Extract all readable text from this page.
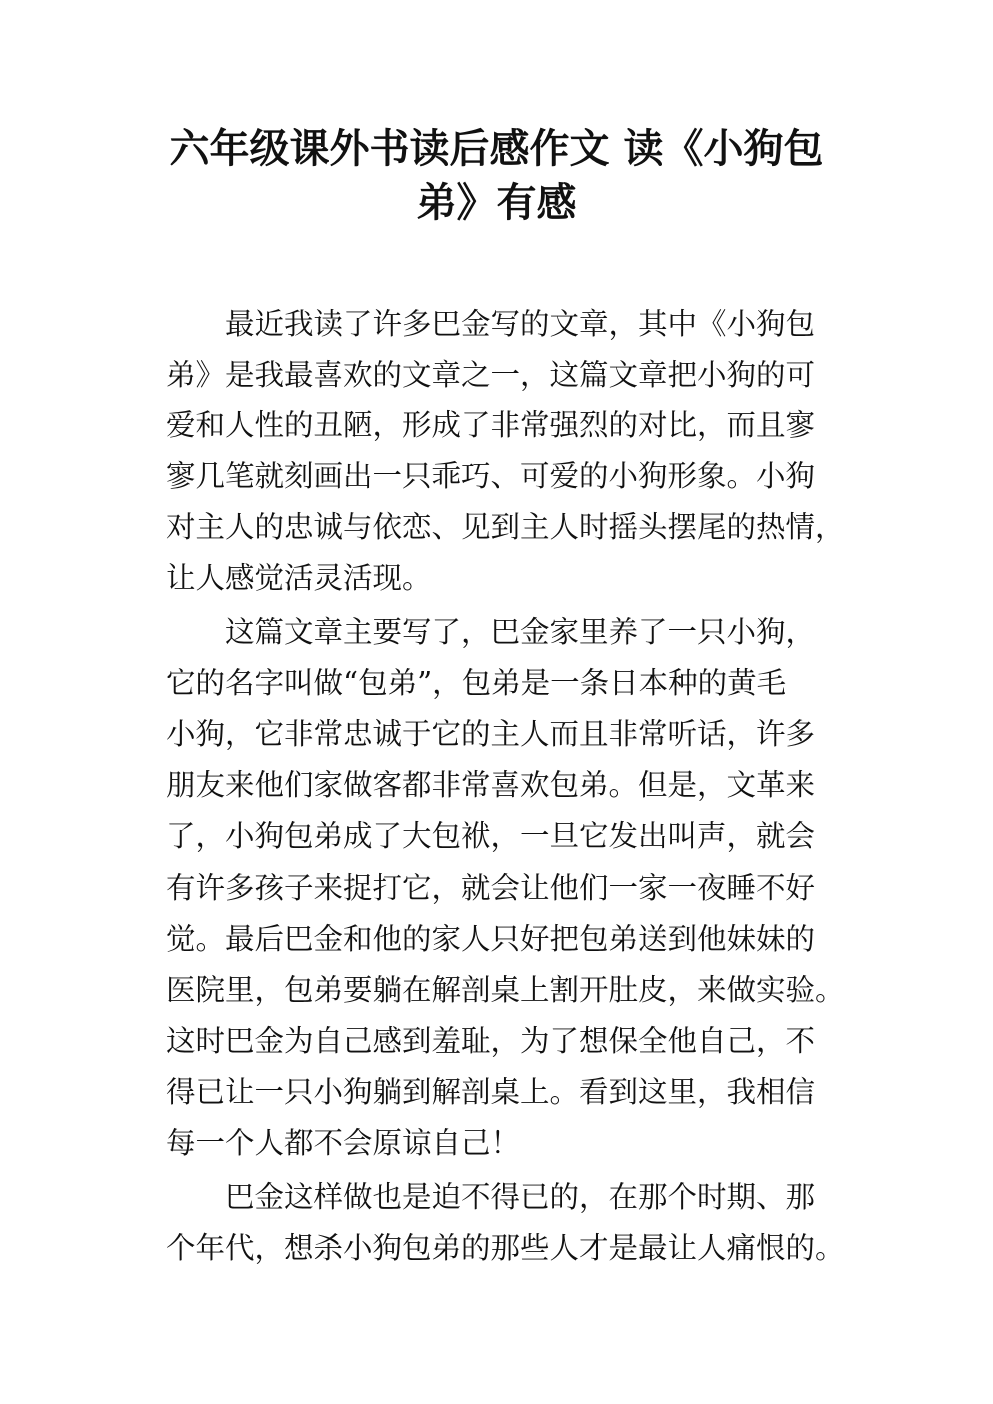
六年级课外书读后感作文 读《小狗包
弟》有感
最近我读了许多巴金写的文章，其中《小狗包
弟》是我最喜欢的文章之一，这篇文章把小狗的可
爱和人性的丑陋，形成了非常强烈的对比，而且寥
寥几笔就刻画出一只乖巧、可爱的小狗形象。小狗
对主人的忠诚与依恋、见到主人时摇头摆尾的热情，
让人感觉活灵活现。
这篇文章主要写了，巴金家里养了一只小狗，
它的名字叫做“包弟”，包弟是一条日本种的黄毛
小狗，它非常忠诚于它的主人而且非常听话，许多
朋友来他们家做客都非常喜欢包弟。但是，文革来
了，小狗包弟成了大包袱，一旦它发出叫声，就会
有许多孩子来捉打它，就会让他们一家一夜睡不好
觉。最后巴金和他的家人只好把包弟送到他妹妹的
医院里，包弟要躺在解剖桌上割开肚皮，来做实验。
这时巴金为自己感到羞耻，为了想保全他自己，不
得已让一只小狗躺到解剖桌上。看到这里，我相信
每一个人都不会原谅自己！
巴金这样做也是迫不得已的，在那个时期、那
个年代，想杀小狗包弟的那些人才是最让人痛恨的。
